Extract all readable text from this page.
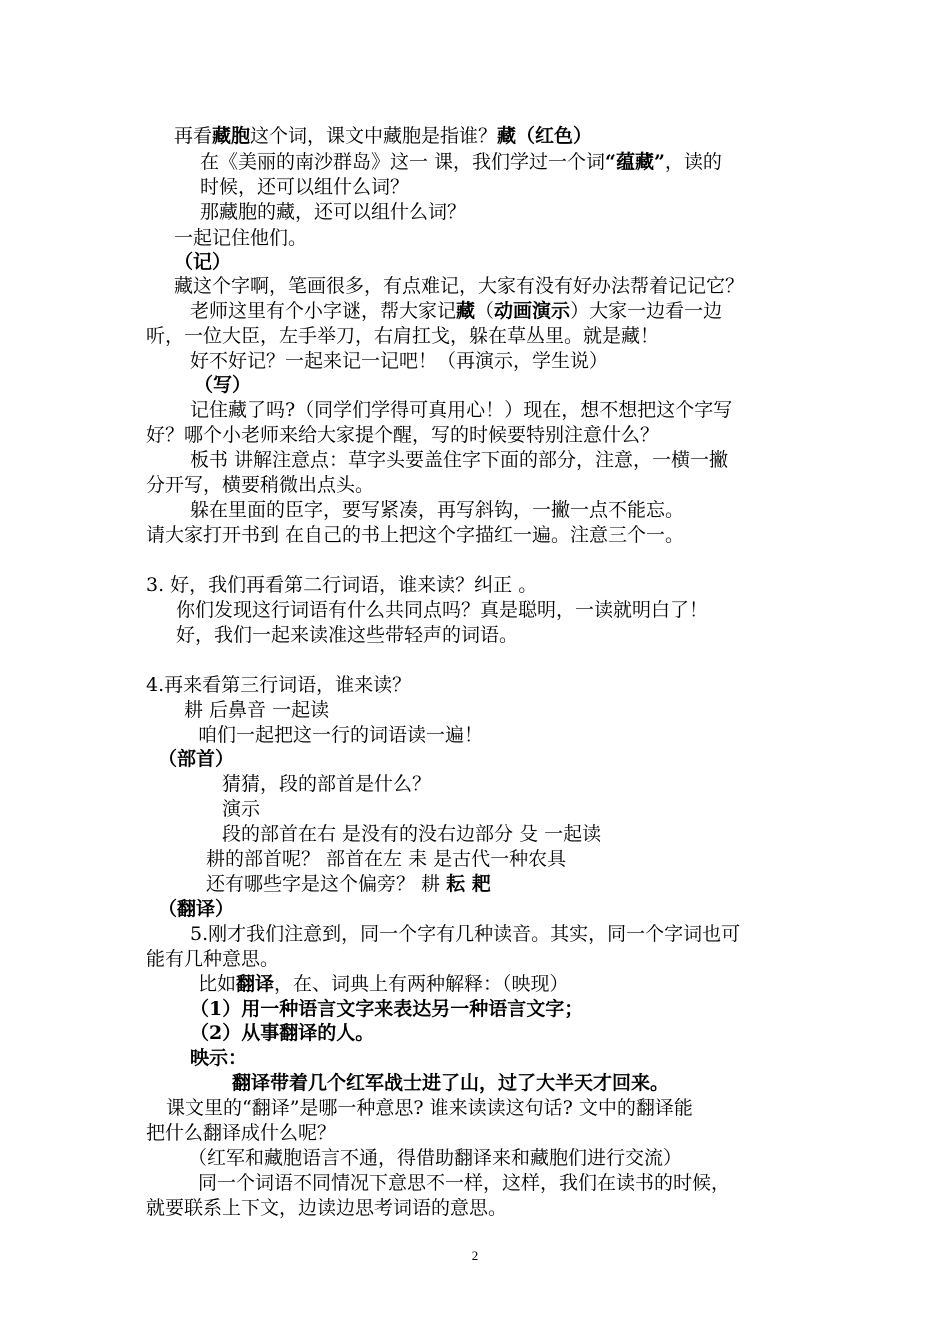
再看藏胞这个词，课文中藏胞是指谁？藏（红色）
在《美丽的南沙群岛》这一 课，我们学过一个词“蕴藏”，读的
时候，还可以组什么词？
那藏胞的藏，还可以组什么词？
一起记住他们。
（记）
藏这个字啊，笔画很多，有点难记，大家有没有好办法帮着记记它？
老师这里有个小字谜，帮大家记藏（动画演示）大家一边看一边
听，一位大臣，左手举刀，右肩扛戈，躲在草丛里。就是藏！
好不好记？一起来记一记吧！（再演示，学生说）
（写）
记住藏了吗?（同学们学得可真用心！）现在，想不想把这个字写
好？哪个小老师来给大家提个醒，写的时候要特别注意什么？
板书 讲解注意点：草字头要盖住字下面的部分，注意，一横一撇
分开写，横要稍微出点头。
躲在里面的臣字，要写紧凑，再写斜钩，一撇一点不能忘。
请大家打开书到 在自己的书上把这个字描红一遍。注意三个一。
3. 好，我们再看第二行词语，谁来读？纠正 。
你们发现这行词语有什么共同点吗？真是聪明，一读就明白了！
好，我们一起来读准这些带轻声的词语。
4.再来看第三行词语，谁来读？
耕 后鼻音 一起读
咱们一起把这一行的词语读一遍！
（部首）
猜猜，段的部首是什么？
演示
段的部首在右 是没有的没右边部分 殳 一起读
耕的部首呢？ 部首在左 耒 是古代一种农具
还有哪些字是这个偏旁？ 耕 耘 耙
（翻译）
5.刚才我们注意到，同一个字有几种读音。其实，同一个字词也可
能有几种意思。
比如翻译，在、词典上有两种解释：（映现）
（1）用一种语言文字来表达另一种语言文字；
（2）从事翻译的人。
映示：
翻译带着几个红军战士进了山，过了大半天才回来。
课文里的“翻译”是哪一种意思? 谁来读读这句话? 文中的翻译能
把什么翻译成什么呢？
（红军和藏胞语言不通，得借助翻译来和藏胞们进行交流）
同一个词语不同情况下意思不一样，这样，我们在读书的时候，
就要联系上下文，边读边思考词语的意思。
2
